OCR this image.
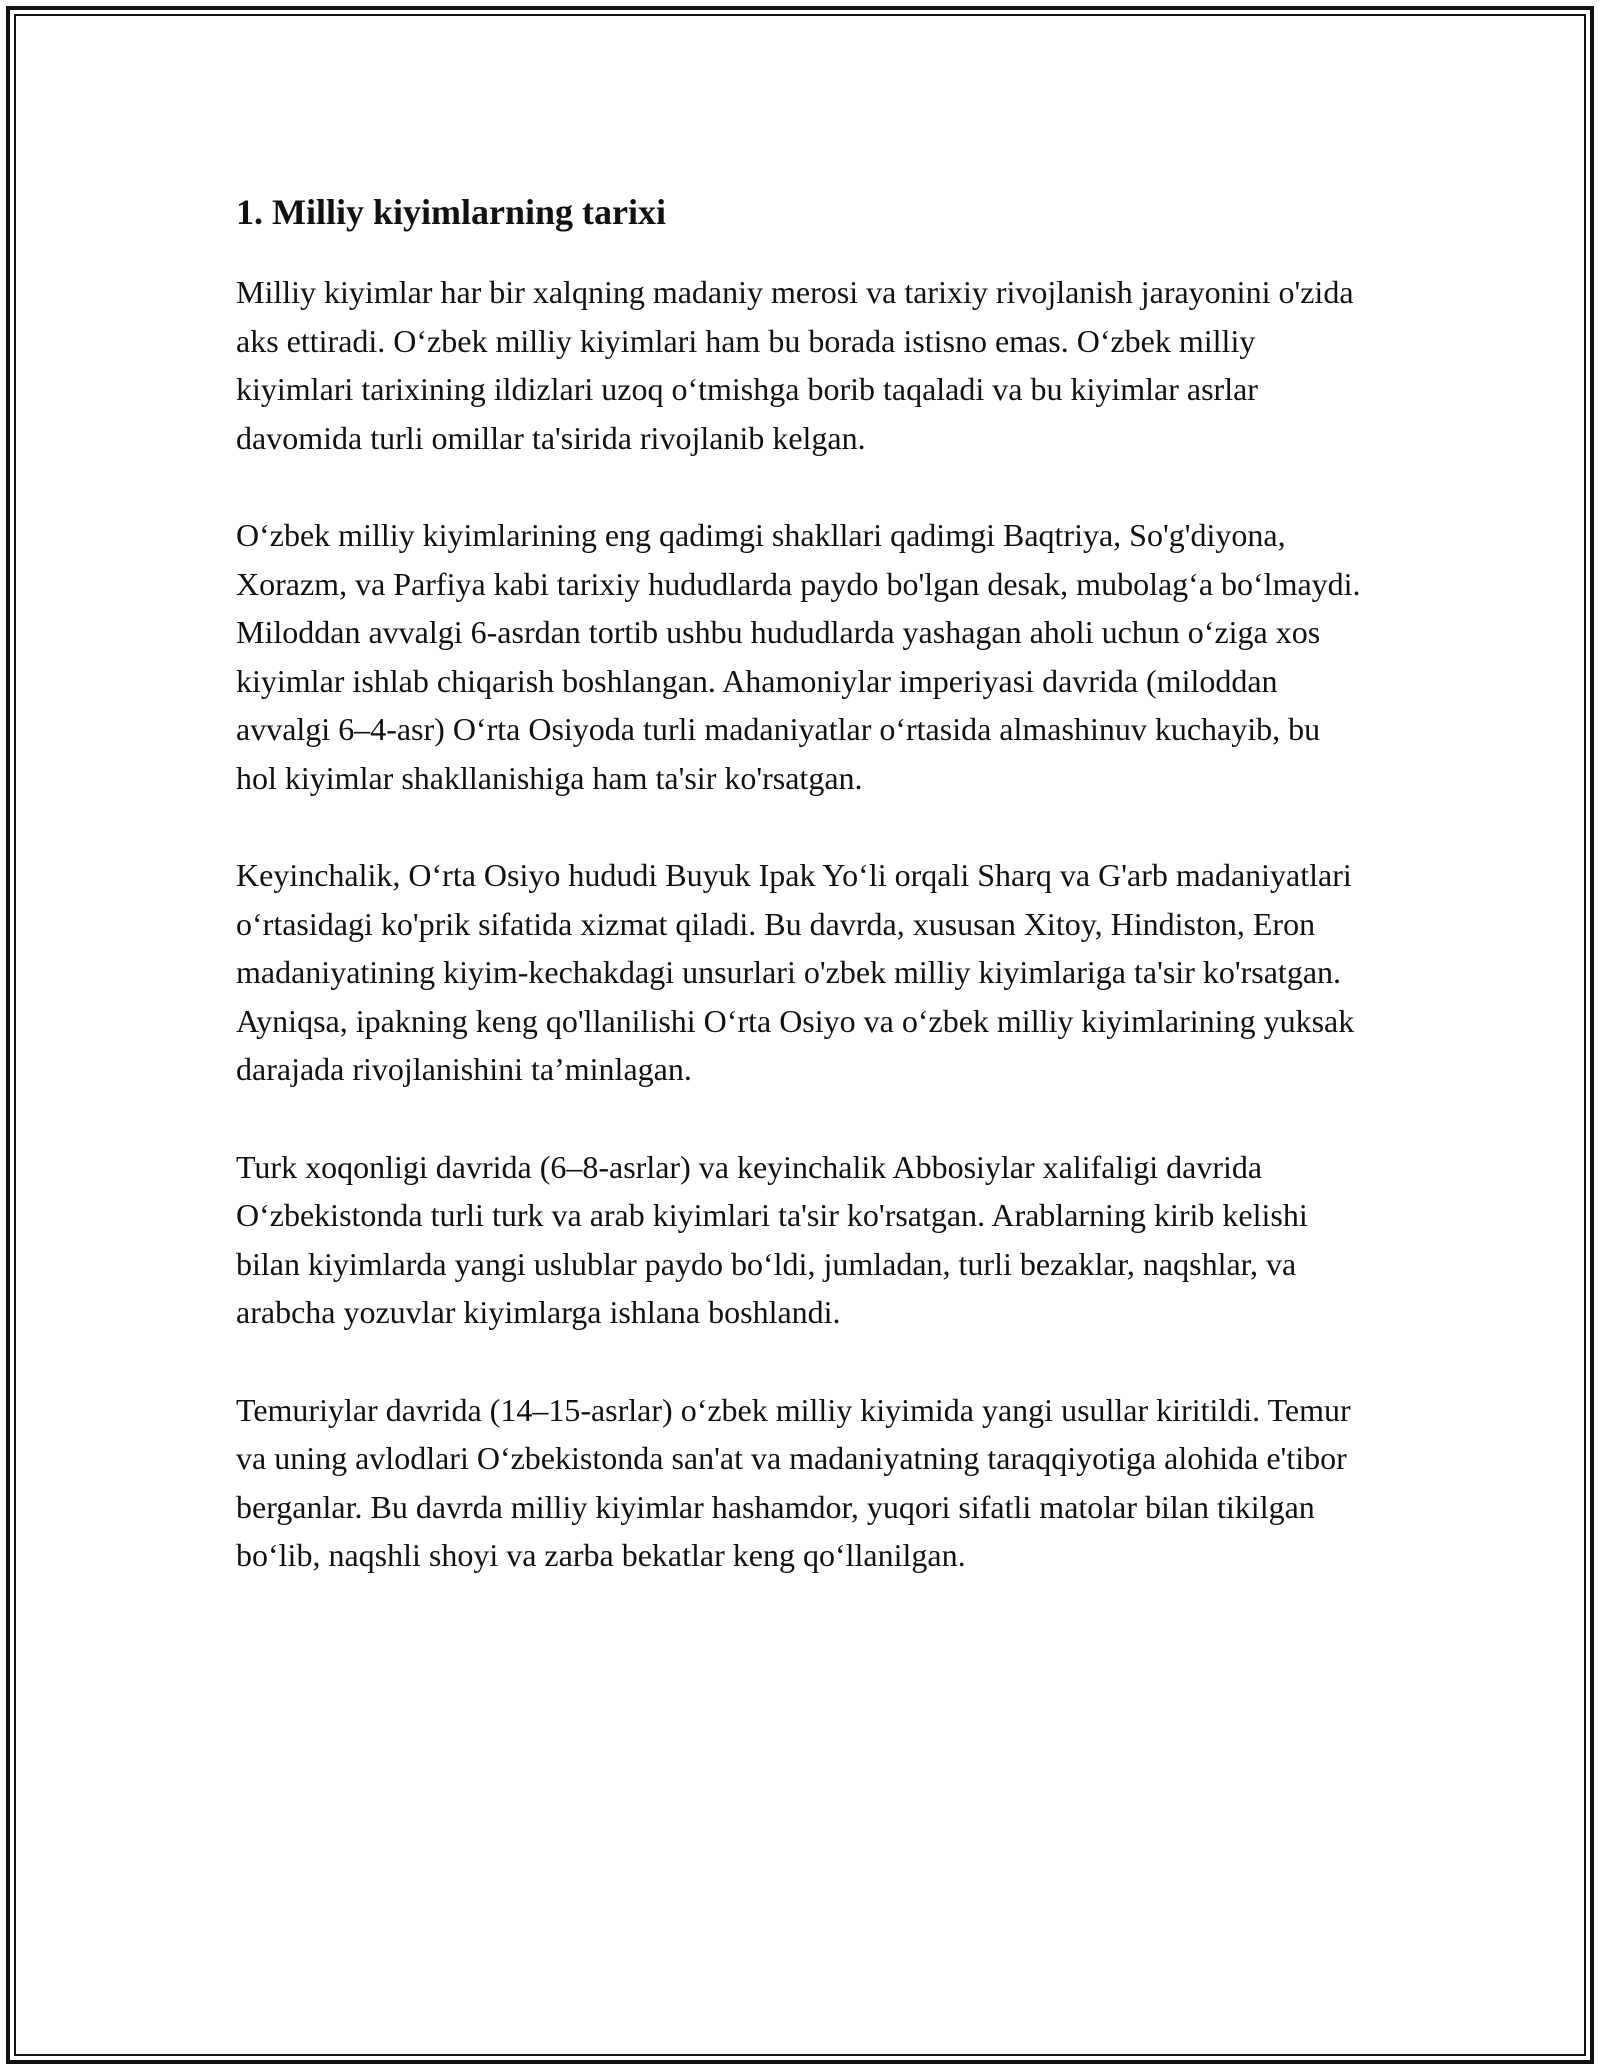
1. Milliy kiyimlarning tarixi

Milliy kiyimlar har bir xalqning madaniy merosi va tarixiy rivojlanish jarayonini o'zida aks ettiradi. O‘zbek milliy kiyimlari ham bu borada istisno emas. O‘zbek milliy kiyimlari tarixining ildizlari uzoq o‘tmishga borib taqaladi va bu kiyimlar asrlar davomida turli omillar ta'sirida rivojlanib kelgan.

O‘zbek milliy kiyimlarining eng qadimgi shakllari qadimgi Baqtriya, So'g'diyona, Xorazm, va Parfiya kabi tarixiy hududlarda paydo bo'lgan desak, mubolag‘a bo‘lmaydi. Miloddan avvalgi 6-asrdan tortib ushbu hududlarda yashagan aholi uchun o‘ziga xos kiyimlar ishlab chiqarish boshlangan. Ahamoniylar imperiyasi davrida (miloddan avvalgi 6–4-asr) O‘rta Osiyoda turli madaniyatlar o‘rtasida almashinuv kuchayib, bu hol kiyimlar shakllanishiga ham ta'sir ko'rsatgan.

Keyinchalik, O‘rta Osiyo hududi Buyuk Ipak Yo‘li orqali Sharq va G'arb madaniyatlari o‘rtasidagi ko'prik sifatida xizmat qiladi. Bu davrda, xususan Xitoy, Hindiston, Eron madaniyatining kiyim-kechakdagi unsurlari o'zbek milliy kiyimlariga ta'sir ko'rsatgan. Ayniqsa, ipakning keng qo'llanilishi O‘rta Osiyo va o‘zbek milliy kiyimlarining yuksak darajada rivojlanishini ta’minlagan.

Turk xoqonligi davrida (6–8-asrlar) va keyinchalik Abbosiylar xalifaligi davrida O‘zbekistonda turli turk va arab kiyimlari ta'sir ko'rsatgan. Arablarning kirib kelishi bilan kiyimlarda yangi uslublar paydo bo‘ldi, jumladan, turli bezaklar, naqshlar, va arabcha yozuvlar kiyimlarga ishlana boshlandi.

Temuriylar davrida (14–15-asrlar) o‘zbek milliy kiyimida yangi usullar kiritildi. Temur va uning avlodlari O‘zbekistonda san'at va madaniyatning taraqqiyotiga alohida e'tibor berganlar. Bu davrda milliy kiyimlar hashamdor, yuqori sifatli matolar bilan tikilgan bo‘lib, naqshli shoyi va zarba bekatlar keng qo‘llanilgan.
